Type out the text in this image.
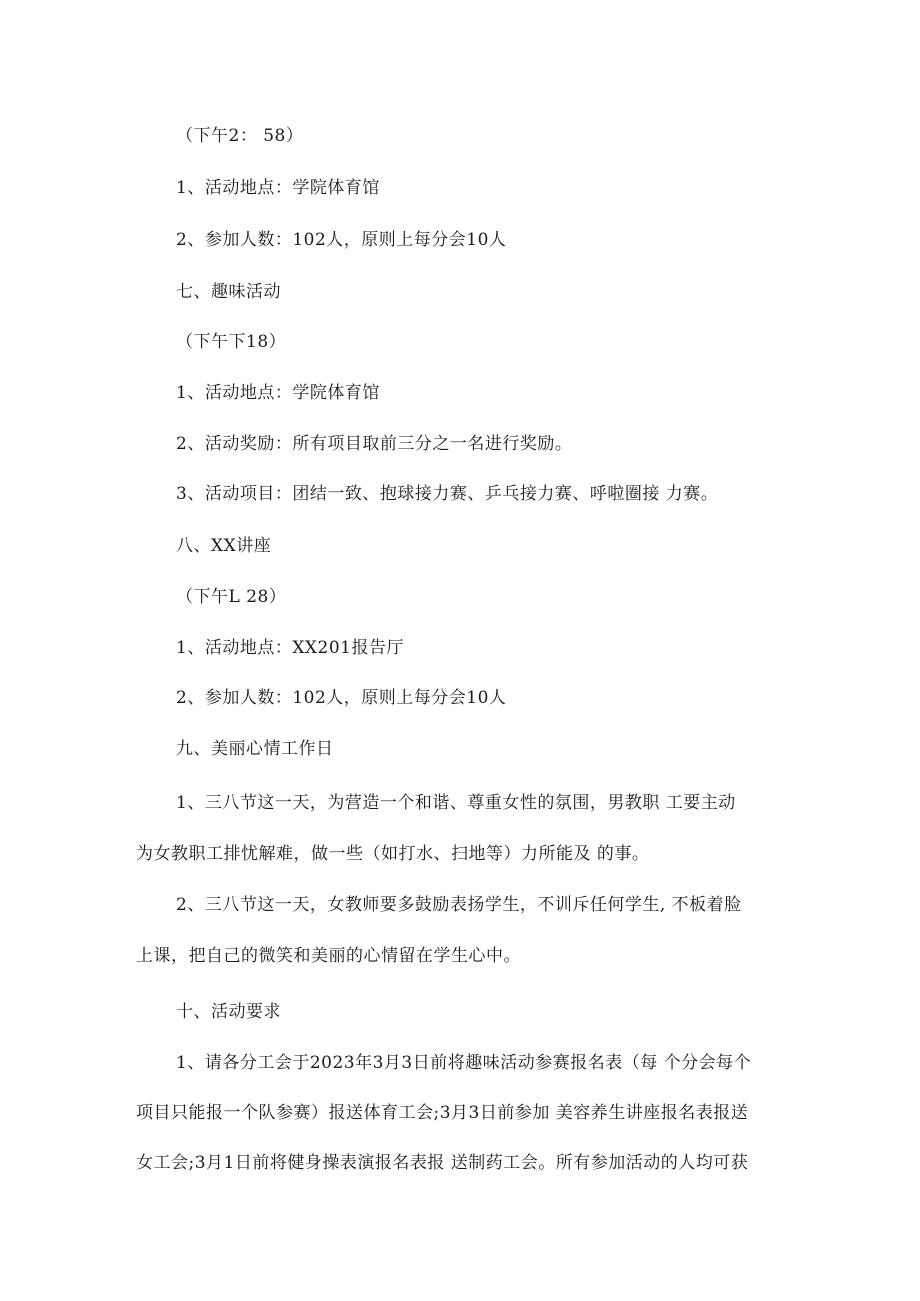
（下午2： 58）
1、活动地点：学院体育馆
2、参加人数：102人，原则上每分会10人
七、趣味活动
（下午下18）
1、活动地点：学院体育馆
2、活动奖励：所有项目取前三分之一名进行奖励。
3、活动项目：团结一致、抱球接力赛、乒乓接力赛、呼啦圈接 力赛。
八、XX讲座
（下午L 28）
1、活动地点：XX201报告厅
2、参加人数：102人，原则上每分会10人
九、美丽心情工作日
1、三八节这一天，为营造一个和谐、尊重女性的氛围，男教职 工要主动
为女教职工排忧解难，做一些（如打水、扫地等）力所能及 的事。
2、三八节这一天，女教师要多鼓励表扬学生，不训斥任何学生, 不板着脸
上课，把自己的微笑和美丽的心情留在学生心中。
十、活动要求
1、请各分工会于2023年3月3日前将趣味活动参赛报名表（每 个分会每个
项目只能报一个队参赛）报送体育工会;3月3日前参加 美容养生讲座报名表报送
女工会;3月1日前将健身操表演报名表报 送制药工会。所有参加活动的人均可获
